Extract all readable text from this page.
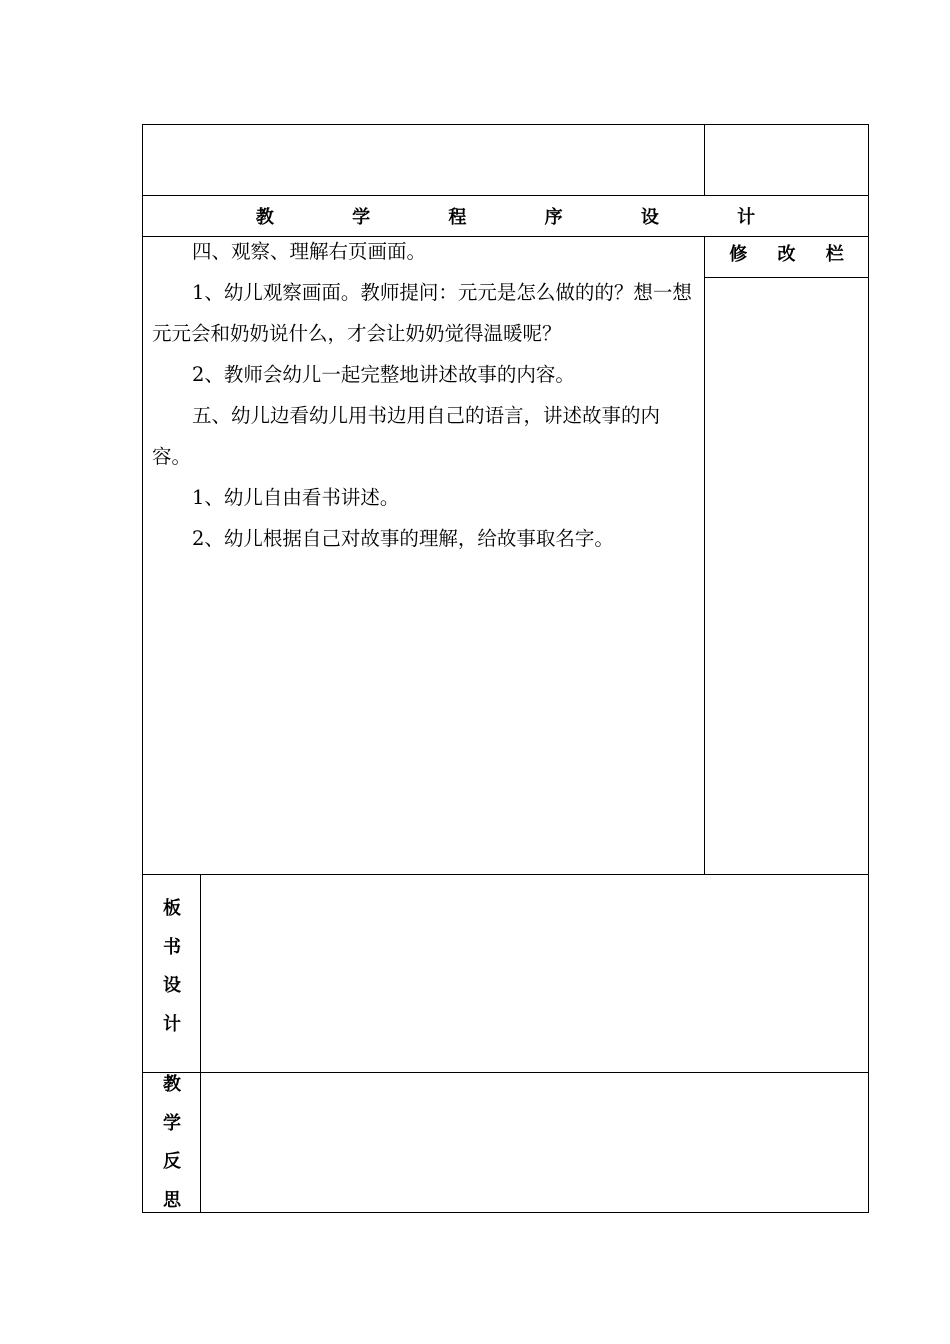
教 学 程 序 设 计
修 改 栏

四、观察、理解右页画面。

1、幼儿观察画面。教师提问：元元是怎么做的的？想一想元元会和奶奶说什么，才会让奶奶觉得温暖呢？

2、教师会幼儿一起完整地讲述故事的内容。

五、幼儿边看幼儿用书边用自己的语言，讲述故事的内容。

1、幼儿自由看书讲述。

2、幼儿根据自己对故事的理解，给故事取名字。

板
书
设
计
教
学
反
思
